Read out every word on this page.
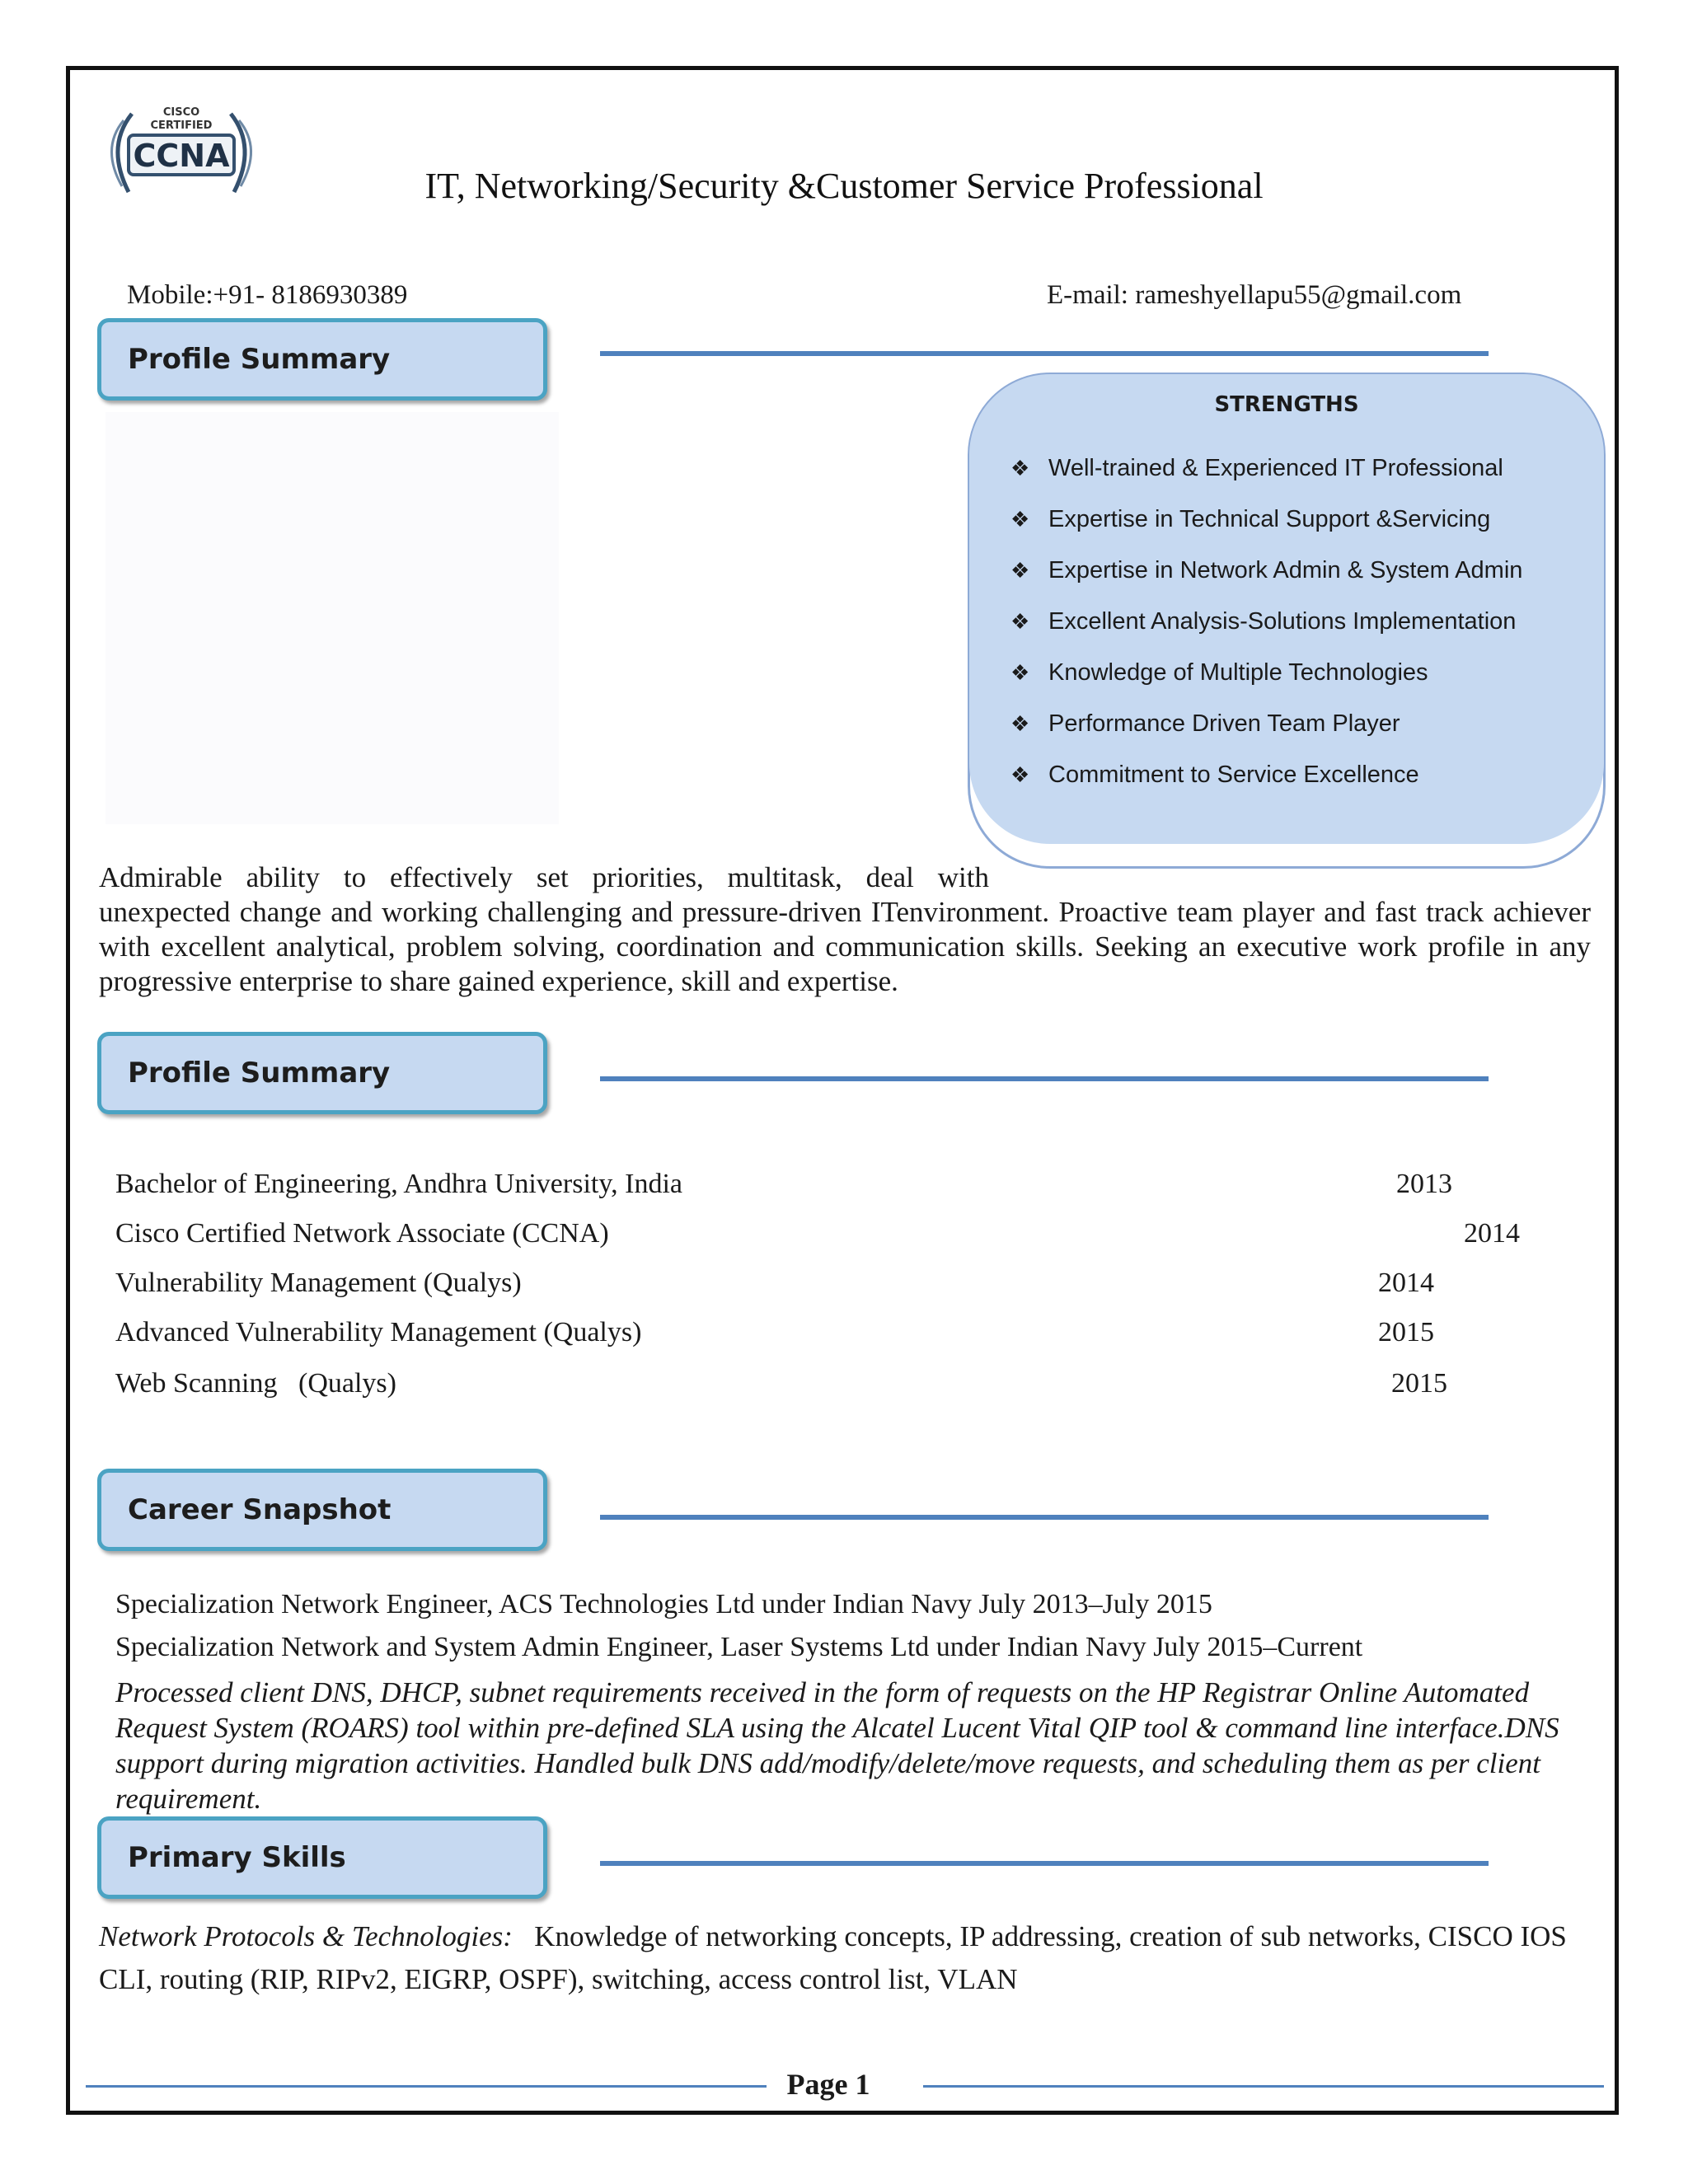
CISCO
CERTIFIED
CCNA
IT, Networking/Security &Customer Service Professional
Mobile:+91- 8186930389	E-mail: rameshyellapu55@gmail.com
Profile Summary
STRENGTHS
❖ Well-trained & Experienced IT Professional
❖ Expertise in Technical Support &Servicing
❖ Expertise in Network Admin & System Admin
❖ Excellent Analysis-Solutions Implementation
❖ Knowledge of Multiple Technologies
❖ Performance Driven Team Player
❖ Commitment to Service Excellence
Admirable ability to effectively set priorities, multitask, deal with
unexpected change and working challenging and pressure-driven ITenvironment. Proactive team player and fast track achiever with excellent analytical, problem solving, coordination and communication skills. Seeking an executive work profile in any progressive enterprise to share gained experience, skill and expertise.
Profile Summary
Bachelor of Engineering, Andhra University, India	2013
Cisco Certified Network Associate (CCNA)	2014
Vulnerability Management (Qualys)	2014
Advanced Vulnerability Management (Qualys)	2015
Web Scanning   (Qualys)	2015
Career Snapshot
Specialization Network Engineer, ACS Technologies Ltd under Indian Navy July 2013–July 2015
Specialization Network and System Admin Engineer, Laser Systems Ltd under Indian Navy July 2015–Current
Processed client DNS, DHCP, subnet requirements received in the form of requests on the HP Registrar Online Automated Request System (ROARS) tool within pre-defined SLA using the Alcatel Lucent Vital QIP tool & command line interface.DNS support during migration activities. Handled bulk DNS add/modify/delete/move requests, and scheduling them as per client requirement.
Primary Skills
Network Protocols & Technologies: Knowledge of networking concepts, IP addressing, creation of sub networks, CISCO IOS CLI, routing (RIP, RIPv2, EIGRP, OSPF), switching, access control list, VLAN
Page 1
